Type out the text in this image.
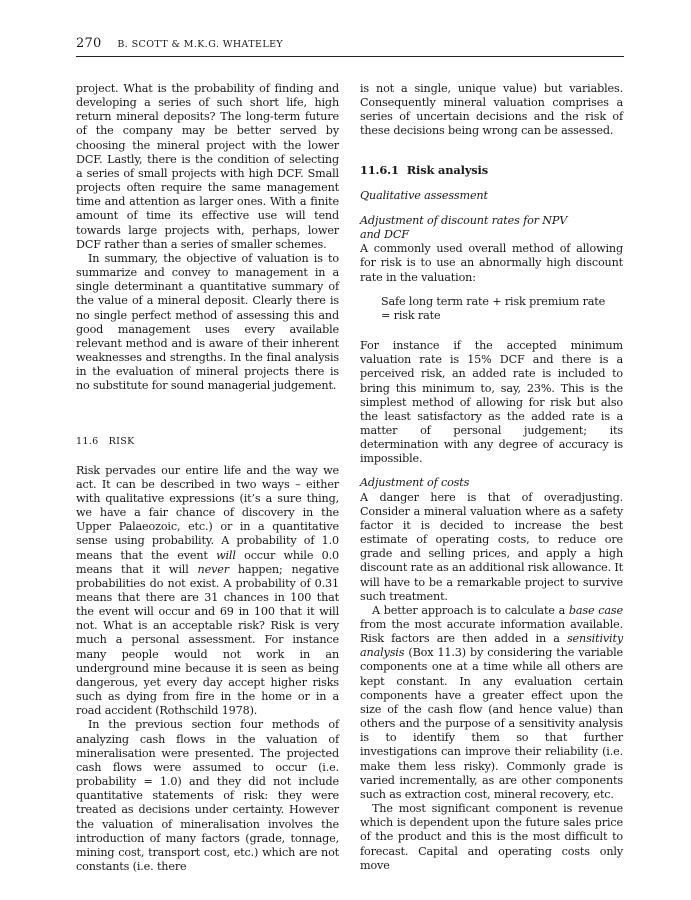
270 B. SCOTT & M.K.G. WHATELEY

project. What is the probability of finding and developing a series of such short life, high return mineral deposits? The long-term future of the company may be better served by choosing the mineral project with the lower DCF. Lastly, there is the condition of selecting a series of small projects with high DCF. Small projects often require the same management time and attention as larger ones. With a finite amount of time its effective use will tend towards large projects with, perhaps, lower DCF rather than a series of smaller schemes.

In summary, the objective of valuation is to summarize and convey to management in a single determinant a quantitative summary of the value of a mineral deposit. Clearly there is no single perfect method of assessing this and good management uses every available relevant method and is aware of their inherent weaknesses and strengths. In the final analysis in the evaluation of mineral projects there is no substitute for sound managerial judgement.

11.6   RISK

Risk pervades our entire life and the way we act. It can be described in two ways – either with qualitative expressions (it’s a sure thing, we have a fair chance of discovery in the Upper Palaeozoic, etc.) or in a quantitative sense using probability. A probability of 1.0 means that the event will occur while 0.0 means that it will never happen; negative probabilities do not exist. A probability of 0.31 means that there are 31 chances in 100 that the event will occur and 69 in 100 that it will not. What is an acceptable risk? Risk is very much a personal assessment. For instance many people would not work in an underground mine because it is seen as being dangerous, yet every day accept higher risks such as dying from fire in the home or in a road accident (Rothschild 1978).

In the previous section four methods of analyzing cash flows in the valuation of mineralisation were presented. The projected cash flows were assumed to occur (i.e. probability = 1.0) and they did not include quantitative statements of risk: they were treated as decisions under certainty. However the valuation of mineralisation involves the introduction of many factors (grade, tonnage, mining cost, transport cost, etc.) which are not constants (i.e. there

is not a single, unique value) but variables. Consequently mineral valuation comprises a series of uncertain decisions and the risk of these decisions being wrong can be assessed.

11.6.1 Risk analysis

Qualitative assessment

Adjustment of discount rates for NPV and DCF

A commonly used overall method of allowing for risk is to use an abnormally high discount rate in the valuation:

Safe long term rate + risk premium rate

= risk rate

For instance if the accepted minimum valuation rate is 15% DCF and there is a perceived risk, an added rate is included to bring this minimum to, say, 23%. This is the simplest method of allowing for risk but also the least satisfactory as the added rate is a matter of personal judgement; its determination with any degree of accuracy is impossible.

Adjustment of costs

A danger here is that of overadjusting. Consider a mineral valuation where as a safety factor it is decided to increase the best estimate of operating costs, to reduce ore grade and selling prices, and apply a high discount rate as an additional risk allowance. It will have to be a remarkable project to survive such treatment.

A better approach is to calculate a base case from the most accurate information available. Risk factors are then added in a sensitivity analysis (Box 11.3) by considering the variable components one at a time while all others are kept constant. In any evaluation certain components have a greater effect upon the size of the cash flow (and hence value) than others and the purpose of a sensitivity analysis is to identify them so that further investigations can improve their reliability (i.e. make them less risky). Commonly grade is varied incrementally, as are other components such as extraction cost, mineral recovery, etc.

The most significant component is revenue which is dependent upon the future sales price of the product and this is the most difficult to forecast. Capital and operating costs only move
